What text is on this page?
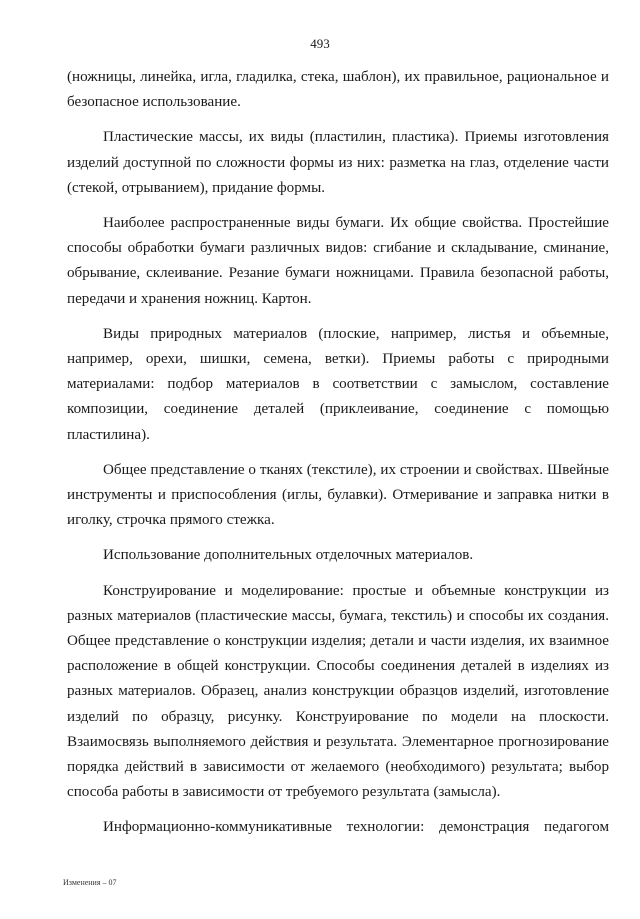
493

(ножницы, линейка, игла, гладилка, стека, шаблон), их правильное, рациональное и безопасное использование.

Пластические массы, их виды (пластилин, пластика). Приемы изготовления изделий доступной по сложности формы из них: разметка на глаз, отделение части (стекой, отрыванием), придание формы.

Наиболее распространенные виды бумаги. Их общие свойства. Простейшие способы обработки бумаги различных видов: сгибание и складывание, сминание, обрывание, склеивание. Резание бумаги ножницами. Правила безопасной работы, передачи и хранения ножниц. Картон.

Виды природных материалов (плоские, например, листья и объемные, например, орехи, шишки, семена, ветки). Приемы работы с природными материалами: подбор материалов в соответствии с замыслом, составление композиции, соединение деталей (приклеивание, соединение с помощью пластилина).

Общее представление о тканях (текстиле), их строении и свойствах. Швейные инструменты и приспособления (иглы, булавки). Отмеривание и заправка нитки в иголку, строчка прямого стежка.

Использование дополнительных отделочных материалов.

Конструирование и моделирование: простые и объемные конструкции из разных материалов (пластические массы, бумага, текстиль) и способы их создания. Общее представление о конструкции изделия; детали и части изделия, их взаимное расположение в общей конструкции. Способы соединения деталей в изделиях из разных материалов. Образец, анализ конструкции образцов изделий, изготовление изделий по образцу, рисунку. Конструирование по модели на плоскости. Взаимосвязь выполняемого действия и результата. Элементарное прогнозирование порядка действий в зависимости от желаемого (необходимого) результата; выбор способа работы в зависимости от требуемого результата (замысла).

Информационно-коммуникативные технологии: демонстрация педагогом

Изменения – 07
